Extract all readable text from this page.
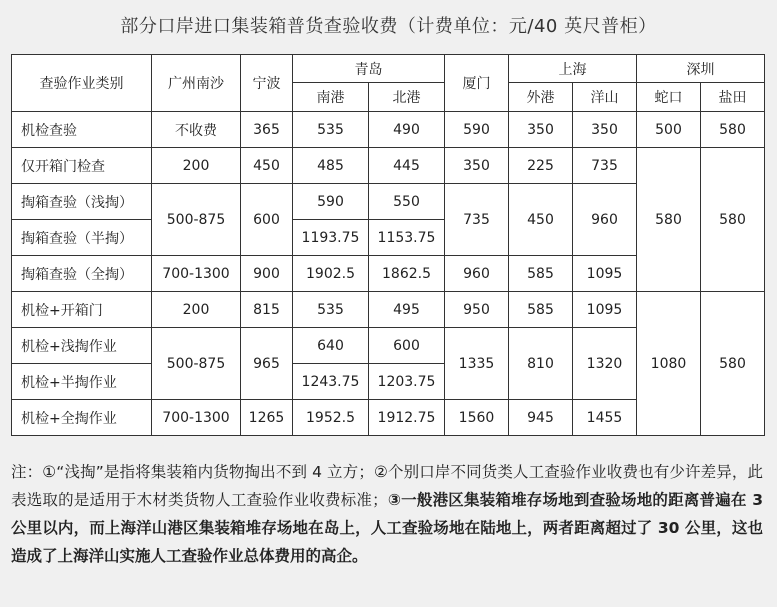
部分口岸进口集装箱普货查验收费（计费单位：元/40 英尺普柜）
查验作业类别	广州南沙	宁波	青岛		厦门	上海		深圳	
			南港	北港		外港	洋山	蛇口	盐田
机检查验	不收费	365	535	490	590	350	350	500	580
仅开箱门检查	200	450	485	445	350	225	735	580	580
掏箱查验（浅掏）	500-875	600	590	550	735	450	960		
掏箱查验（半掏）			1193.75	1153.75					
掏箱查验（全掏）	700-1300	900	1902.5	1862.5	960	585	1095		
机检+开箱门	200	815	535	495	950	585	1095	1080	580
机检+浅掏作业	500-875	965	640	600	1335	810	1320		
机检+半掏作业			1243.75	1203.75					
机检+全掏作业	700-1300	1265	1952.5	1912.75	1560	945	1455		
注：①“浅掏”是指将集装箱内货物掏出不到 4 立方；②个别口岸不同货类人工查验作业收费也有少许差异，此表选取的是适用于木材类货物人工查验作业收费标准；③一般港区集装箱堆存场地到查验场地的距离普遍在 3 公里以内，而上海洋山港区集装箱堆存场地在岛上，人工查验场地在陆地上，两者距离超过了 30 公里，这也造成了上海洋山实施人工查验作业总体费用的高企。
